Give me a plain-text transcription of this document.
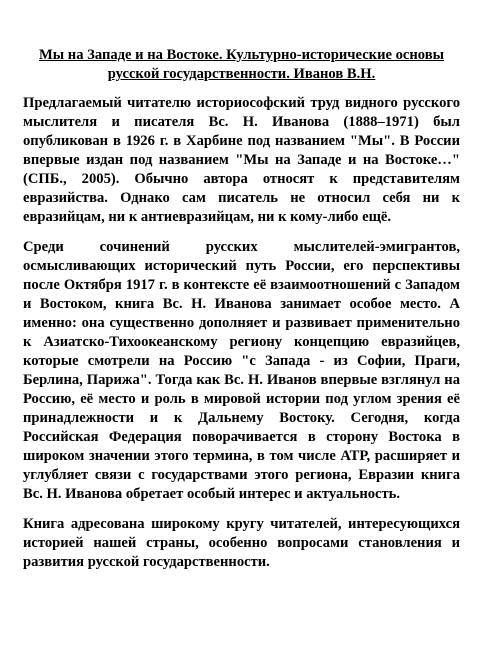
Мы на Западе и на Востоке. Культурно-исторические основы русской государственности. Иванов В.Н.

Предлагаемый читателю историософский труд видного русского мыслителя и писателя Вс. Н. Иванова (1888–1971) был опубликован в 1926 г. в Харбине под названием "Мы". В России впервые издан под названием "Мы на Западе и на Востоке…" (СПБ., 2005). Обычно автора относят к представителям евразийства. Однако сам писатель не относил себя ни к евразийцам, ни к антиевразийцам, ни к кому-либо ещё.

Среди сочинений русских мыслителей-эмигрантов, осмысливающих исторический путь России, его перспективы после Октября 1917 г. в контексте её взаимоотношений с Западом и Востоком, книга Вс. Н. Иванова занимает особое место. А именно: она существенно дополняет и развивает применительно к Азиатско-Тихоокеанскому региону концепцию евразийцев, которые смотрели на Россию "с Запада - из Софии, Праги, Берлина, Парижа". Тогда как Вс. Н. Иванов впервые взглянул на Россию, её место и роль в мировой истории под углом зрения её принадлежности и к Дальнему Востоку. Сегодня, когда Российская Федерация поворачивается в сторону Востока в широком значении этого термина, в том числе АТР, расширяет и углубляет связи с государствами этого региона, Евразии книга Вс. Н. Иванова обретает особый интерес и актуальность.

Книга адресована широкому кругу читателей, интересующихся историей нашей страны, особенно вопросами становления и развития русской государственности.
